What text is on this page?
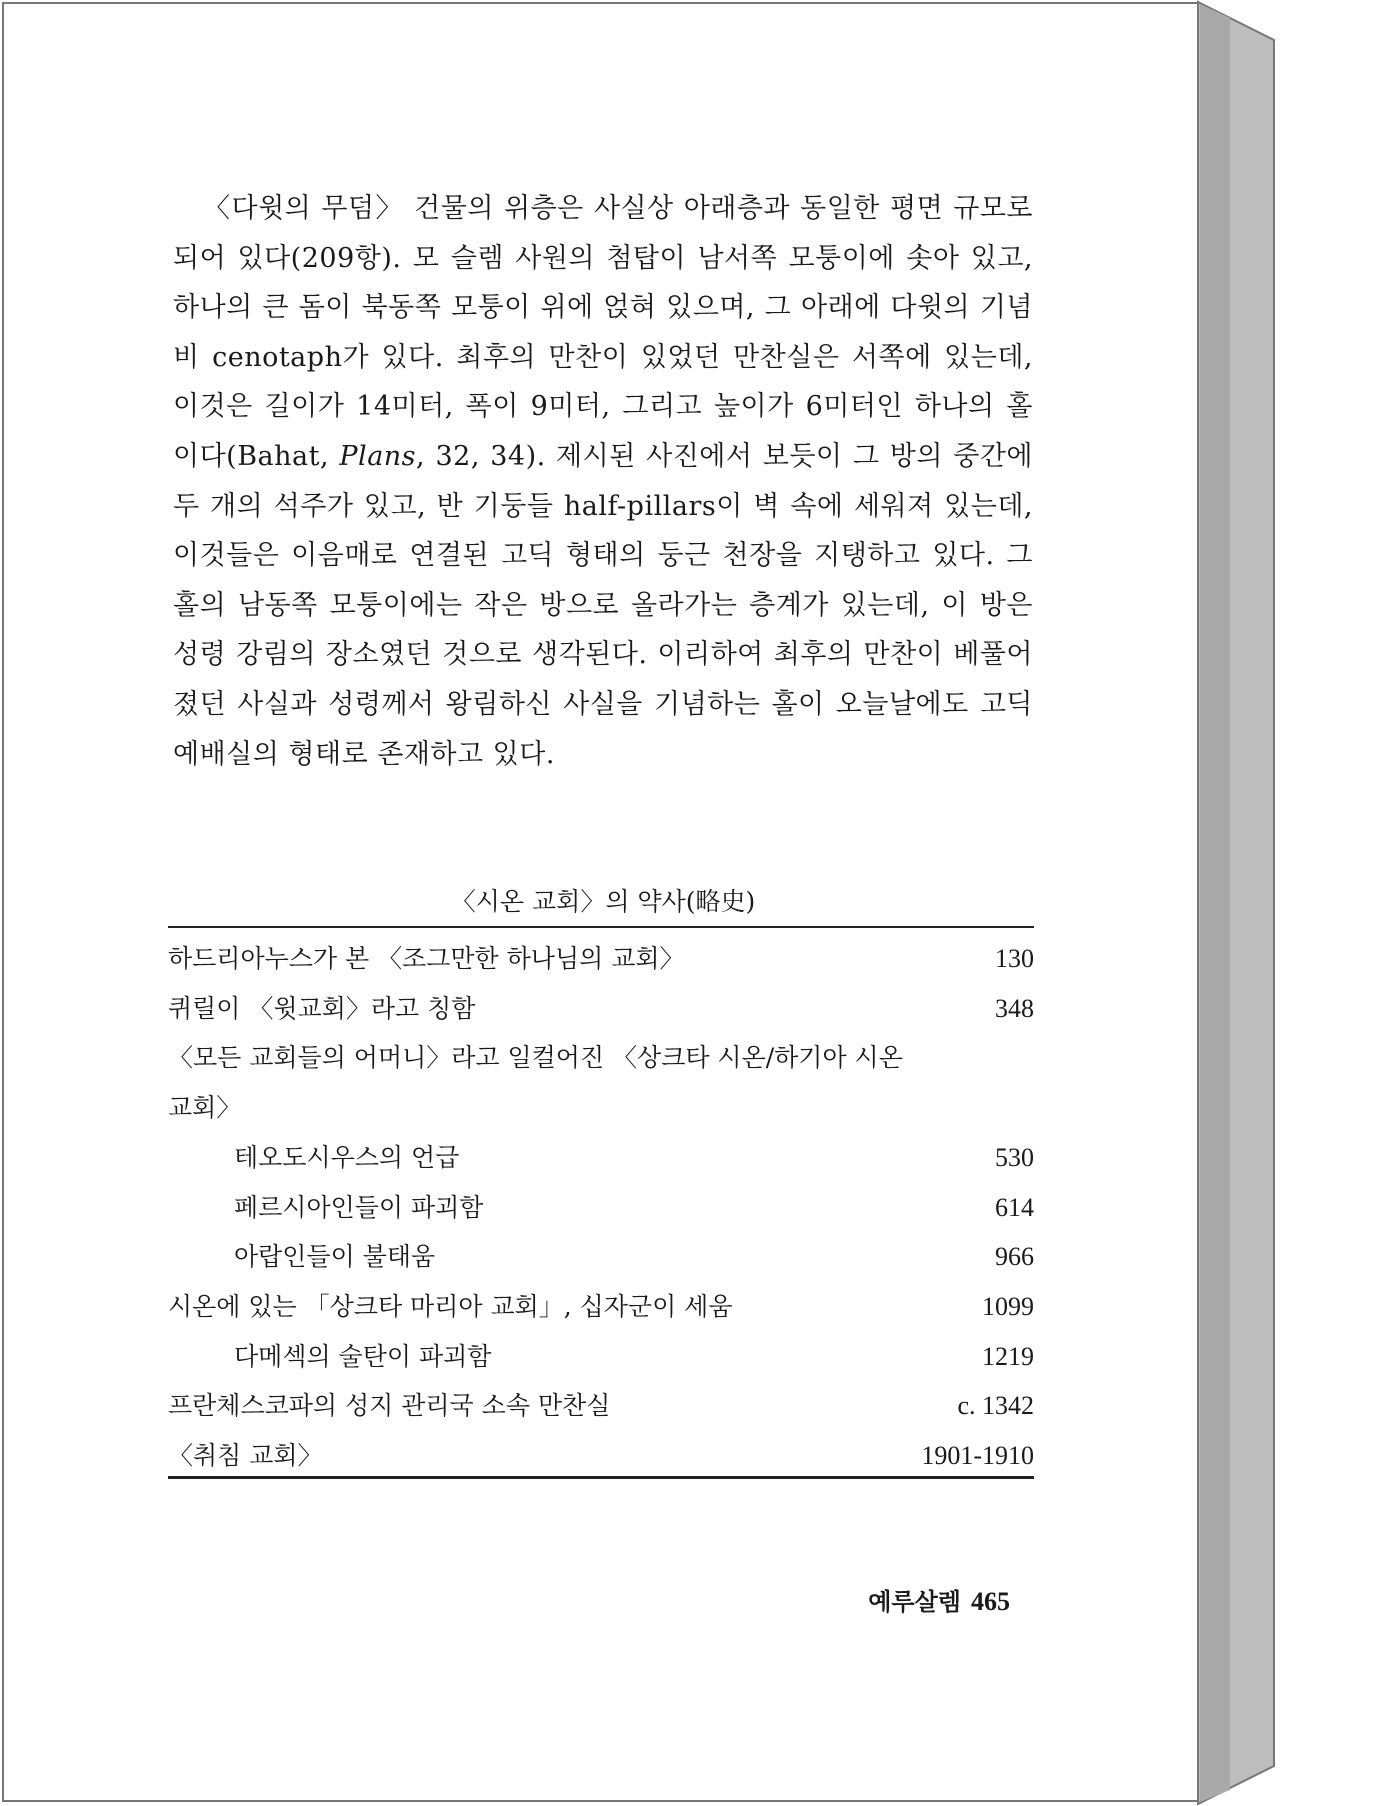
〈다윗의 무덤〉 건물의 위층은 사실상 아래층과 동일한 평면 규모로 되어 있다(209항). 모 슬렘 사원의 첨탑이 남서쪽 모퉁이에 솟아 있고, 하나의 큰 돔이 북동쪽 모퉁이 위에 얹혀 있으며, 그 아래에 다윗의 기념비 cenotaph가 있다. 최후의 만찬이 있었던 만찬실은 서쪽에 있는데, 이것은 길이가 14미터, 폭이 9미터, 그리고 높이가 6미터인 하나의 홀이다(Bahat, Plans, 32, 34). 제시된 사진에서 보듯이 그 방의 중간에 두 개의 석주가 있고, 반 기둥들 half-pillars이 벽 속에 세워져 있는데, 이것들은 이음매로 연결된 고딕 형태의 둥근 천장을 지탱하고 있다. 그 홀의 남동쪽 모퉁이에는 작은 방으로 올라가는 층계가 있는데, 이 방은 성령 강림의 장소였던 것으로 생각된다. 이리하여 최후의 만찬이 베풀어졌던 사실과 성령께서 왕림하신 사실을 기념하는 홀이 오늘날에도 고딕 예배실의 형태로 존재하고 있다.

〈시온 교회〉의 약사(略史)
하드리아누스가 본 〈조그만한 하나님의 교회〉	130
퀴릴이 〈윗교회〉라고 칭함	348
〈모든 교회들의 어머니〉라고 일컬어진 〈상크타 시온/하기아 시온
교회〉
테오도시우스의 언급	530
페르시아인들이 파괴함	614
아랍인들이 불태움	966
시온에 있는 「상크타 마리아 교회」, 십자군이 세움	1099
다메섹의 술탄이 파괴함	1219
프란체스코파의 성지 관리국 소속 만찬실	c. 1342
〈취침 교회〉	1901-1910
예루살렘 465
